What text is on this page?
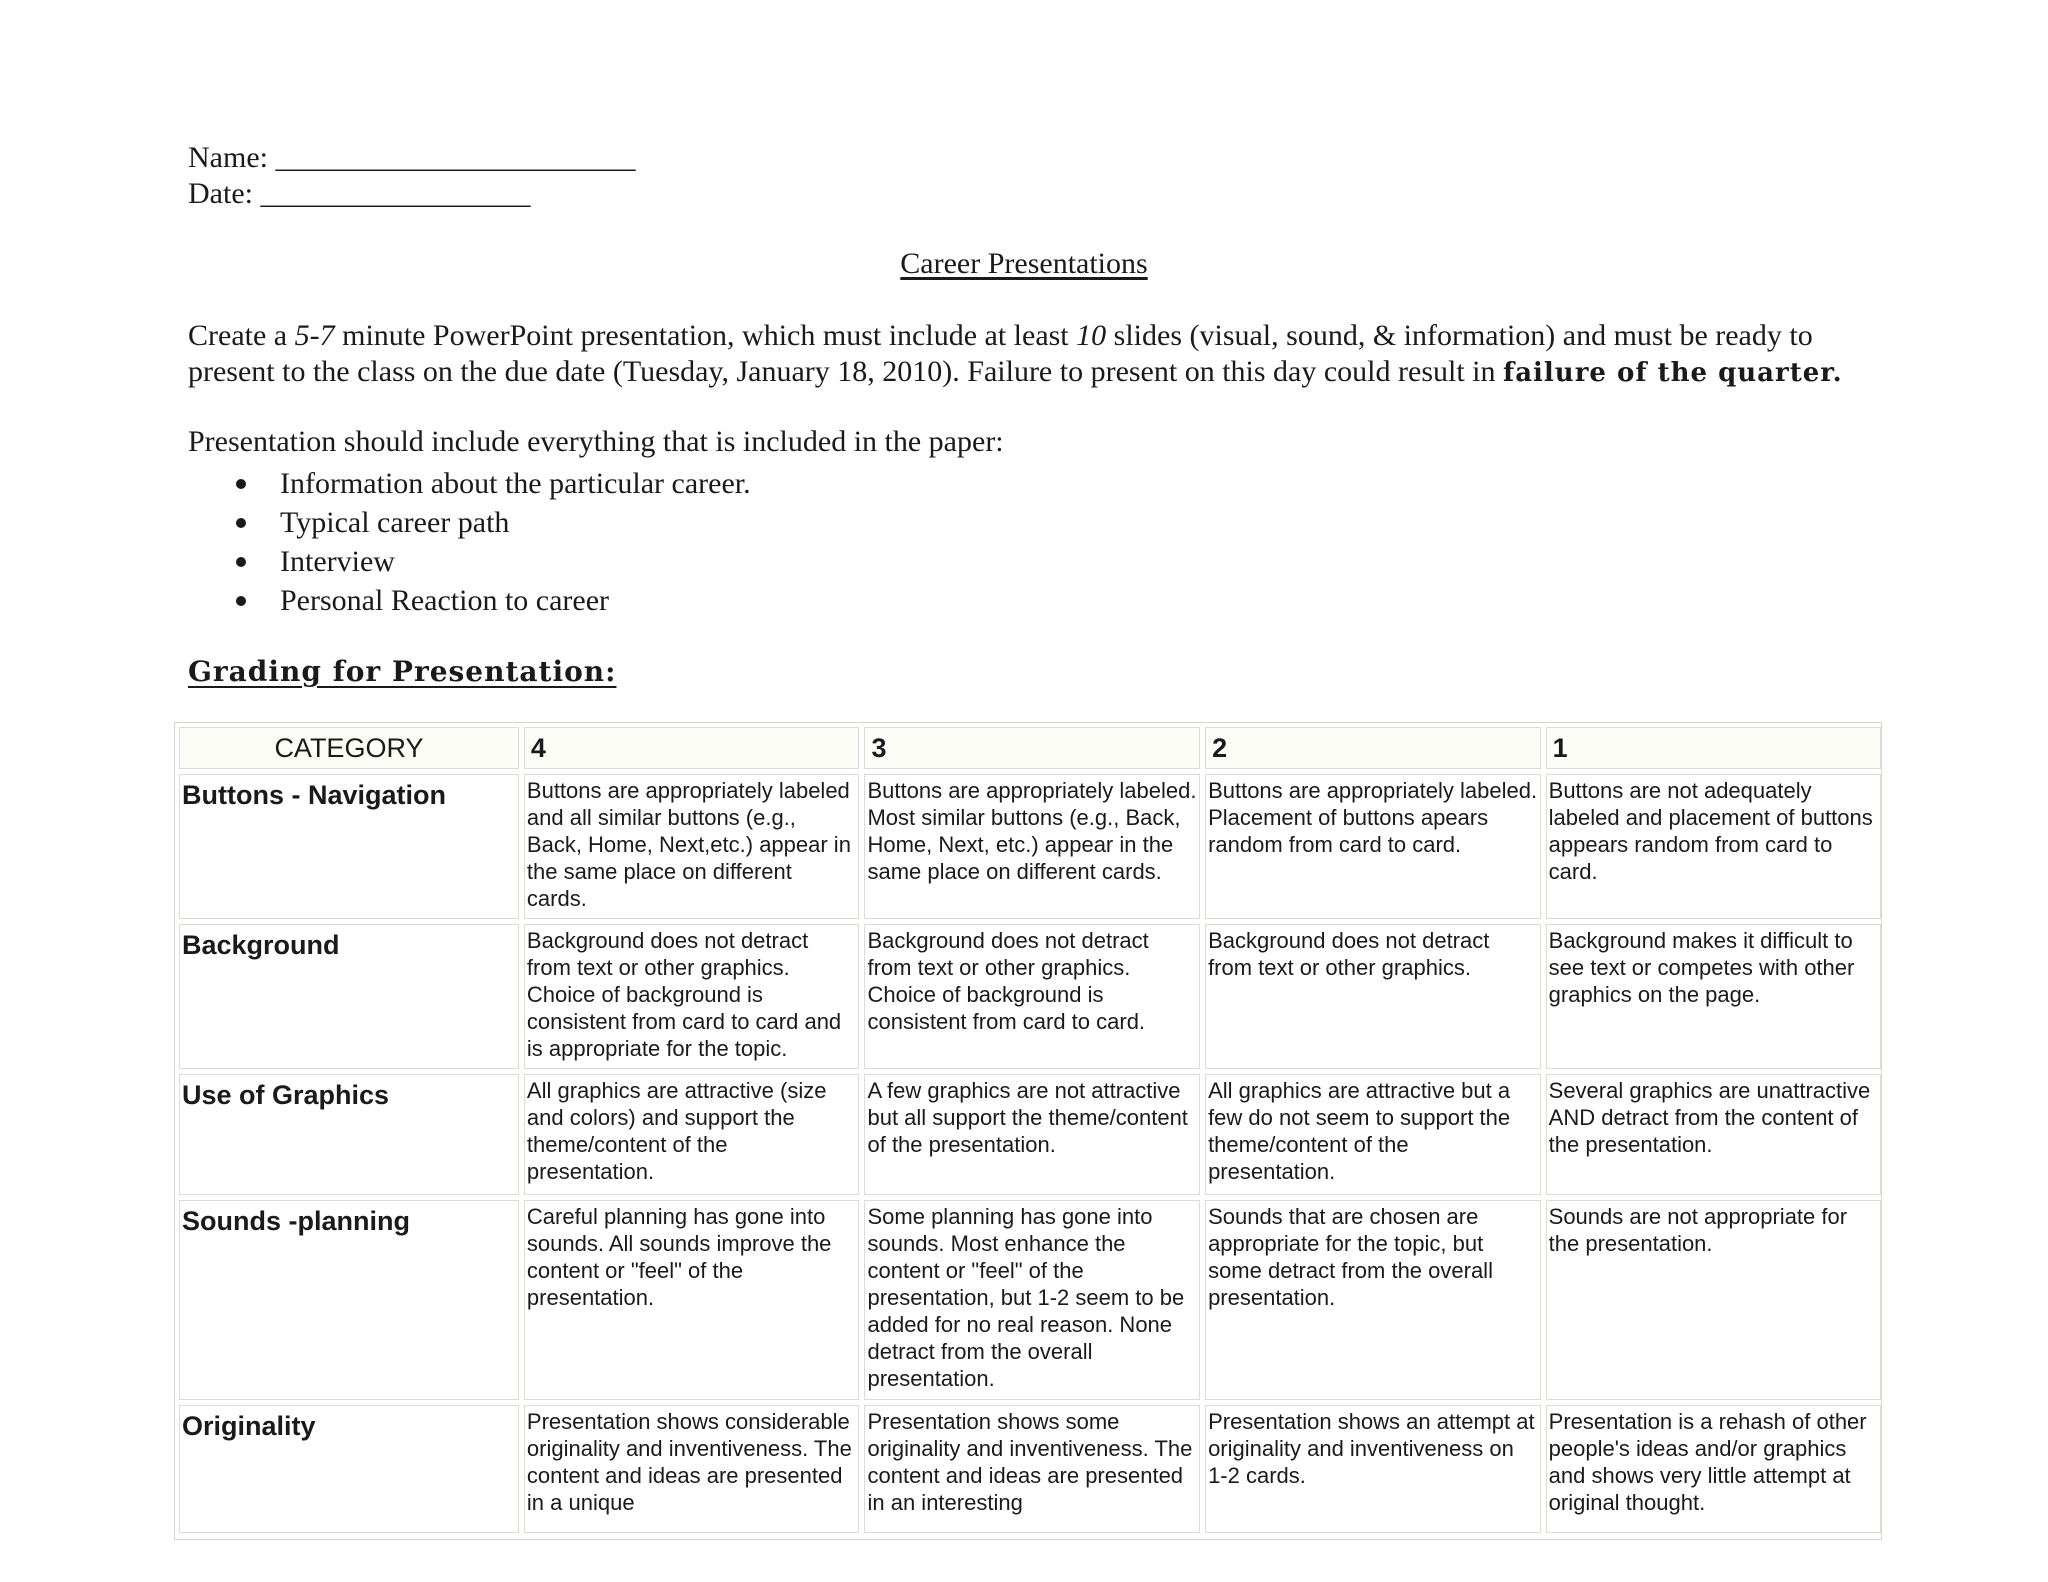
Name: ________________________
Date: __________________
Career Presentations
Create a 5-7 minute PowerPoint presentation, which must include at least 10 slides (visual, sound, & information) and must be ready to present to the class on the due date (Tuesday, January 18, 2010). Failure to present on this day could result in failure of the quarter.
Presentation should include everything that is included in the paper:
Information about the particular career.
Typical career path
Interview
Personal Reaction to career
Grading for Presentation:
CATEGORY	4	3	2	1
Buttons - Navigation	Buttons are appropriately labeled and all similar buttons (e.g., Back, Home, Next,etc.) appear in the same place on different cards.	Buttons are appropriately labeled. Most similar buttons (e.g., Back, Home, Next, etc.) appear in the same place on different cards.	Buttons are appropriately labeled. Placement of buttons apears random from card to card.	Buttons are not adequately labeled and placement of buttons appears random from card to card.
Background	Background does not detract from text or other graphics. Choice of background is consistent from card to card and is appropriate for the topic.	Background does not detract from text or other graphics. Choice of background is consistent from card to card.	Background does not detract from text or other graphics.	Background makes it difficult to see text or competes with other graphics on the page.
Use of Graphics	All graphics are attractive (size and colors) and support the theme/content of the presentation.	A few graphics are not attractive but all support the theme/content of the presentation.	All graphics are attractive but a few do not seem to support the theme/content of the presentation.	Several graphics are unattractive AND detract from the content of the presentation.
Sounds -planning	Careful planning has gone into sounds. All sounds improve the content or "feel" of the presentation.	Some planning has gone into sounds. Most enhance the content or "feel" of the presentation, but 1-2 seem to be added for no real reason. None detract from the overall presentation.	Sounds that are chosen are appropriate for the topic, but some detract from the overall presentation.	Sounds are not appropriate for the presentation.
Originality	Presentation shows considerable originality and inventiveness. The content and ideas are presented in a unique	Presentation shows some originality and inventiveness. The content and ideas are presented in an interesting	Presentation shows an attempt at originality and inventiveness on 1-2 cards.	Presentation is a rehash of other people's ideas and/or graphics and shows very little attempt at original thought.
